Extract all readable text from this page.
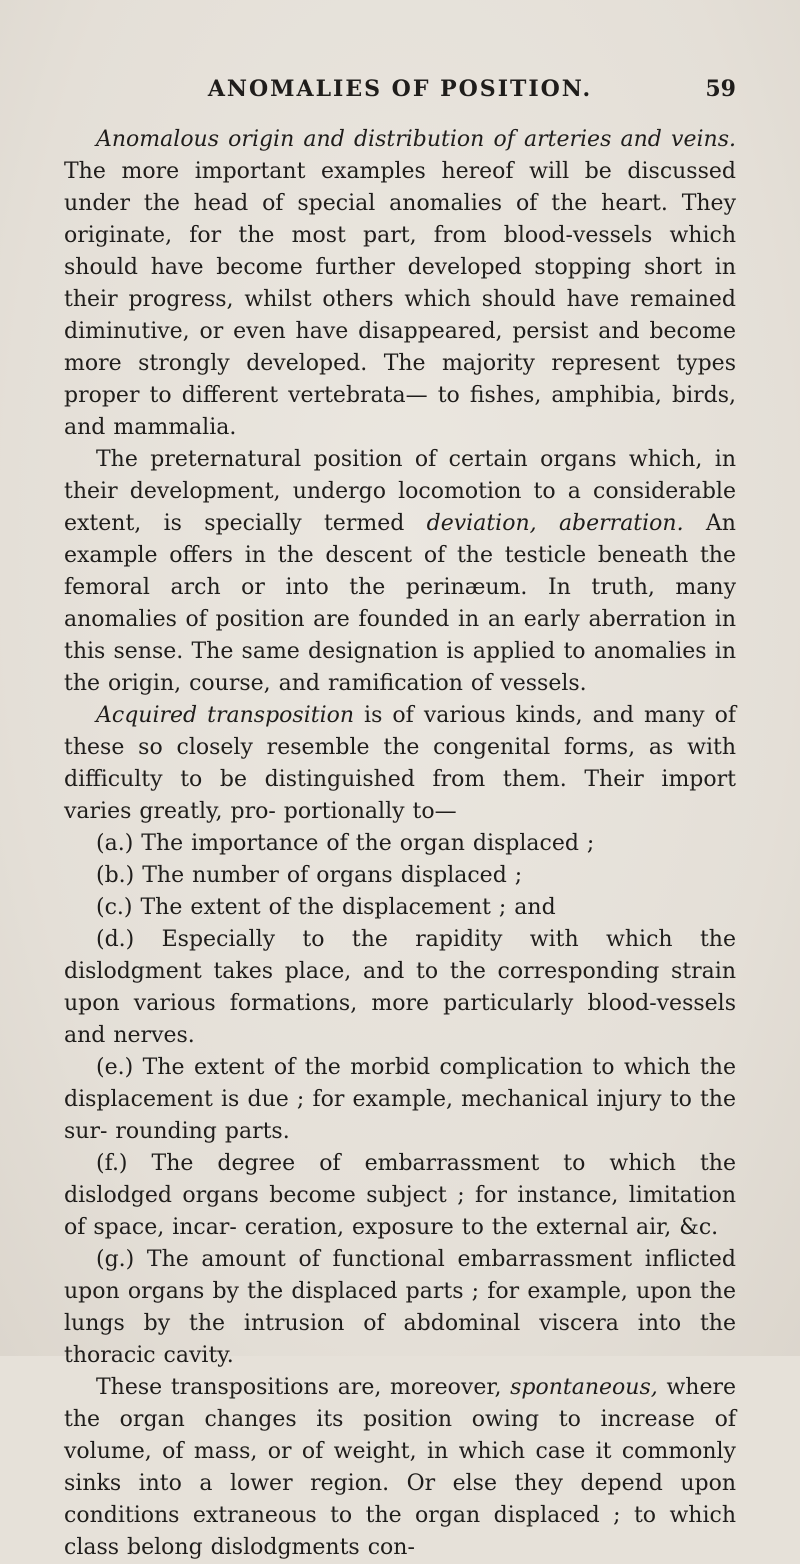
ANOMALIES OF POSITION.	59

Anomalous origin and distribution of arteries and veins. The more important examples hereof will be discussed under the head of special anomalies of the heart. They originate, for the most part, from blood-vessels which should have become further developed stopping short in their progress, whilst others which should have remained diminutive, or even have disappeared, persist and become more strongly developed. The majority represent types proper to different vertebrata— to fishes, amphibia, birds, and mammalia.

The preternatural position of certain organs which, in their development, undergo locomotion to a considerable extent, is specially termed deviation, aberration. An example offers in the descent of the testicle beneath the femoral arch or into the perinæum. In truth, many anomalies of position are founded in an early aberration in this sense. The same designation is applied to anomalies in the origin, course, and ramification of vessels.

Acquired transposition is of various kinds, and many of these so closely resemble the congenital forms, as with difficulty to be distinguished from them. Their import varies greatly, pro- portionally to—

(a.) The importance of the organ displaced ;

(b.) The number of organs displaced ;

(c.) The extent of the displacement ; and

(d.) Especially to the rapidity with which the dislodgment takes place, and to the corresponding strain upon various formations, more particularly blood-vessels and nerves.

(e.) The extent of the morbid complication to which the displacement is due ; for example, mechanical injury to the sur- rounding parts.

(f.) The degree of embarrassment to which the dislodged organs become subject ; for instance, limitation of space, incar- ceration, exposure to the external air, &c.

(g.) The amount of functional embarrassment inflicted upon organs by the displaced parts ; for example, upon the lungs by the intrusion of abdominal viscera into the thoracic cavity.

These transpositions are, moreover, spontaneous, where the organ changes its position owing to increase of volume, of mass, or of weight, in which case it commonly sinks into a lower region. Or else they depend upon conditions extraneous to the organ displaced ; to which class belong dislodgments con-
